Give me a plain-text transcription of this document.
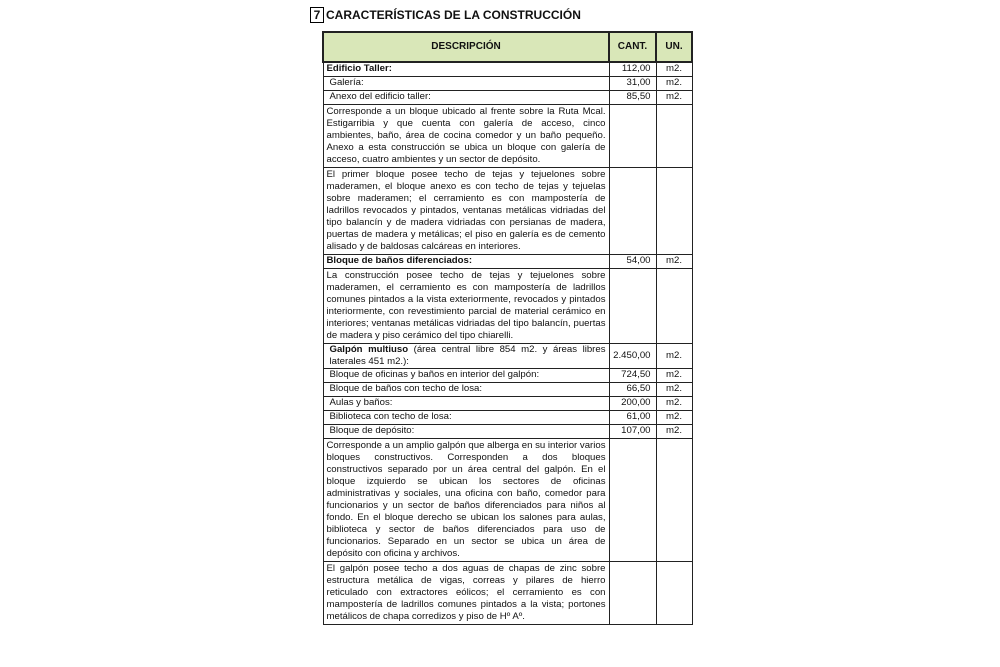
7 CARACTERÍSTICAS DE LA CONSTRUCCIÓN
DESCRIPCIÓN	CANT.	UN.
Edificio Taller:	112,00	m2.
Galería:	31,00	m2.
Anexo del edificio taller:	85,50	m2.
Corresponde a un bloque ubicado al frente sobre la Ruta Mcal. Estigarribia y que cuenta con galería de acceso, cinco ambientes, baño, área de cocina comedor y un baño pequeño. Anexo a esta construcción se ubica un bloque con galería de acceso, cuatro ambientes y un sector de depósito.		
El primer bloque posee techo de tejas y tejuelones sobre maderamen, el bloque anexo es con techo de tejas y tejuelas sobre maderamen; el cerramiento es con mampostería de ladrillos revocados y pintados, ventanas metálicas vidriadas del tipo balancín y de madera vidriadas con persianas de madera, puertas de madera y metálicas; el piso en galería es de cemento alisado y de baldosas calcáreas en interiores.		
Bloque de baños diferenciados:	54,00	m2.
La construcción posee techo de tejas y tejuelones sobre maderamen, el cerramiento es con mampostería de ladrillos comunes pintados a la vista exteriormente, revocados y pintados interiormente, con revestimiento parcial de material cerámico en interiores; ventanas metálicas vidriadas del tipo balancín, puertas de madera y piso cerámico del tipo chiarelli.		
Galpón multiuso (área central libre 854 m2. y áreas libres laterales 451 m2.):	2.450,00	m2.
Bloque de oficinas y baños en interior del galpón:	724,50	m2.
Bloque de baños con techo de losa:	66,50	m2.
Aulas y baños:	200,00	m2.
Biblioteca con techo de losa:	61,00	m2.
Bloque de depósito:	107,00	m2.
Corresponde a un amplio galpón que alberga en su interior varios bloques constructivos. Corresponden a dos bloques constructivos separado por un área central del galpón. En el bloque izquierdo se ubican los sectores de oficinas administrativas y sociales, una oficina con baño, comedor para funcionarios y un sector de baños diferenciados para niños al fondo. En el bloque derecho se ubican los salones para aulas, biblioteca y sector de baños diferenciados para uso de funcionarios. Separado en un sector se ubica un área de depósito con oficina y archivos.		
El galpón posee techo a dos aguas de chapas de zinc sobre estructura metálica de vigas, correas y pilares de hierro reticulado con extractores eólicos; el cerramiento es con mampostería de ladrillos comunes pintados a la vista; portones metálicos de chapa corredizos y piso de Hº Aº.		
